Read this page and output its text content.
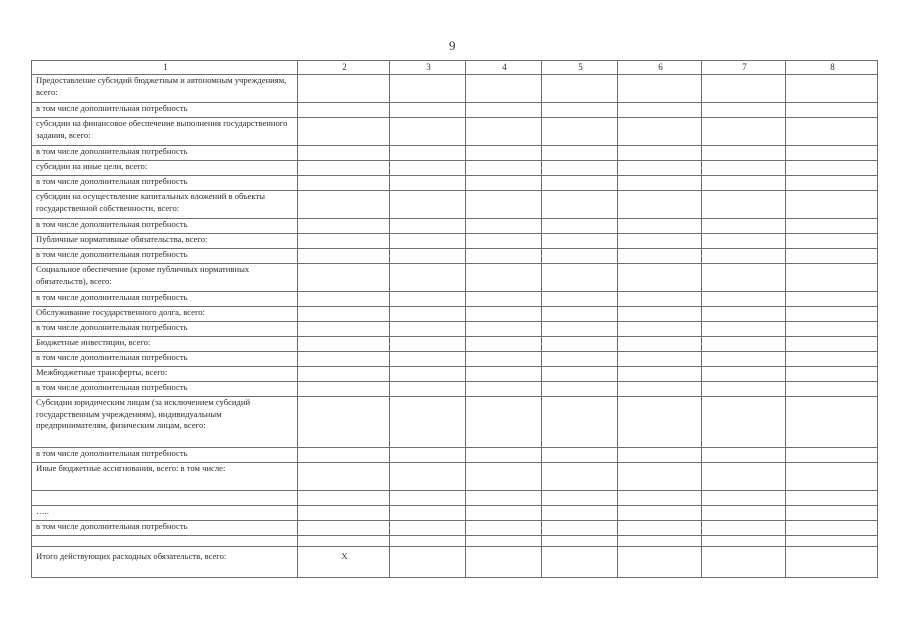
9
1	2	3	4	5	6	7	8
Предоставление субсидий бюджетным и автономным учреждениям, всего:							
в том числе дополнительная потребность							
субсидии на финансовое обеспечение выполнения государственного задания, всего:							
в том числе дополнительная потребность							
субсидии на иные цели, всего:							
в том числе дополнительная потребность							
субсидии на осуществление капитальных вложений в объекты государственной собственности, всего:							
в том числе дополнительная потребность							
Публичные нормативные обязательства, всего:							
в том числе дополнительная потребность							
Социальное обеспечение (кроме публичных нормативных обязательств), всего:							
в том числе дополнительная потребность							
Обслуживание государственного долга, всего:							
в том числе дополнительная потребность							
Бюджетные инвестиции, всего:							
в том числе дополнительная потребность							
Межбюджетные трансферты, всего:							
в том числе дополнительная потребность							
Субсидии юридическим лицам (за исключением субсидий государственным учреждениям), индивидуальным предпринимателям, физическим лицам, всего:							
в том числе дополнительная потребность							
Иные бюджетные ассигнования, всего: в том числе:							

…..							
в том числе дополнительная потребность							

Итого действующих расходных обязательств, всего:	X						
